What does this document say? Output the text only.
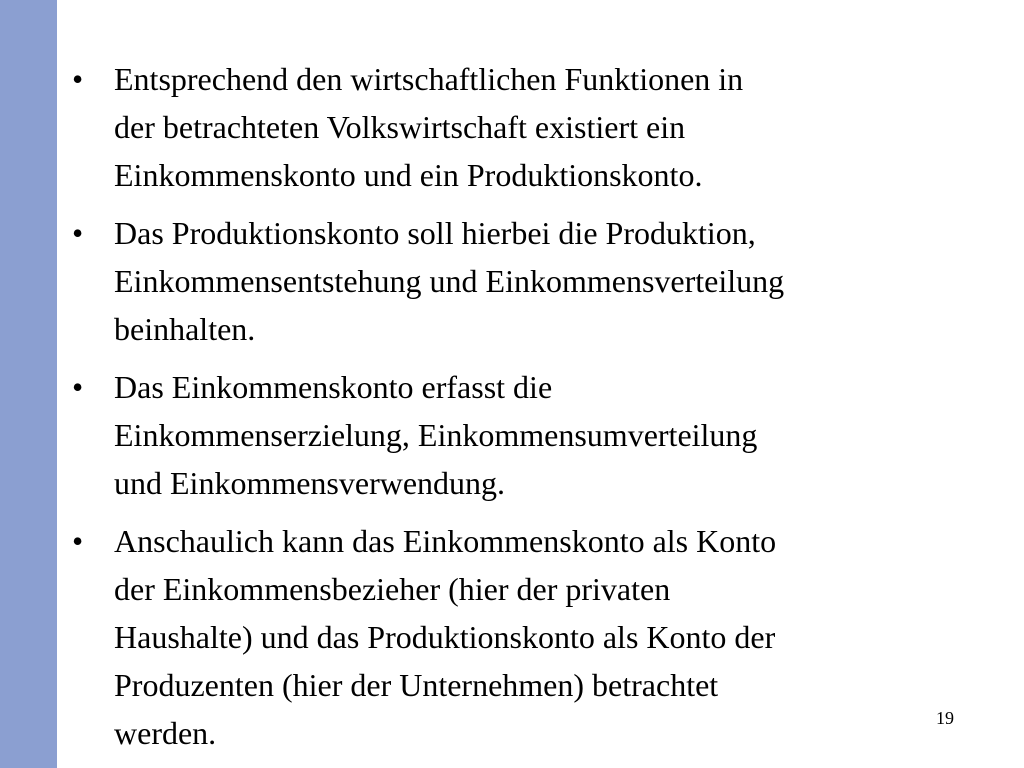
• Entsprechend den wirtschaftlichen Funktionen in
der betrachteten Volkswirtschaft existiert ein
Einkommenskonto und ein Produktionskonto.
• Das Produktionskonto soll hierbei die Produktion,
Einkommensentstehung und Einkommensverteilung
beinhalten.
• Das Einkommenskonto erfasst die
Einkommenserzielung, Einkommensumverteilung
und Einkommensverwendung.
• Anschaulich kann das Einkommenskonto als Konto
der Einkommensbezieher (hier der privaten
Haushalte) und das Produktionskonto als Konto der
Produzenten (hier der Unternehmen) betrachtet
werden.	19
